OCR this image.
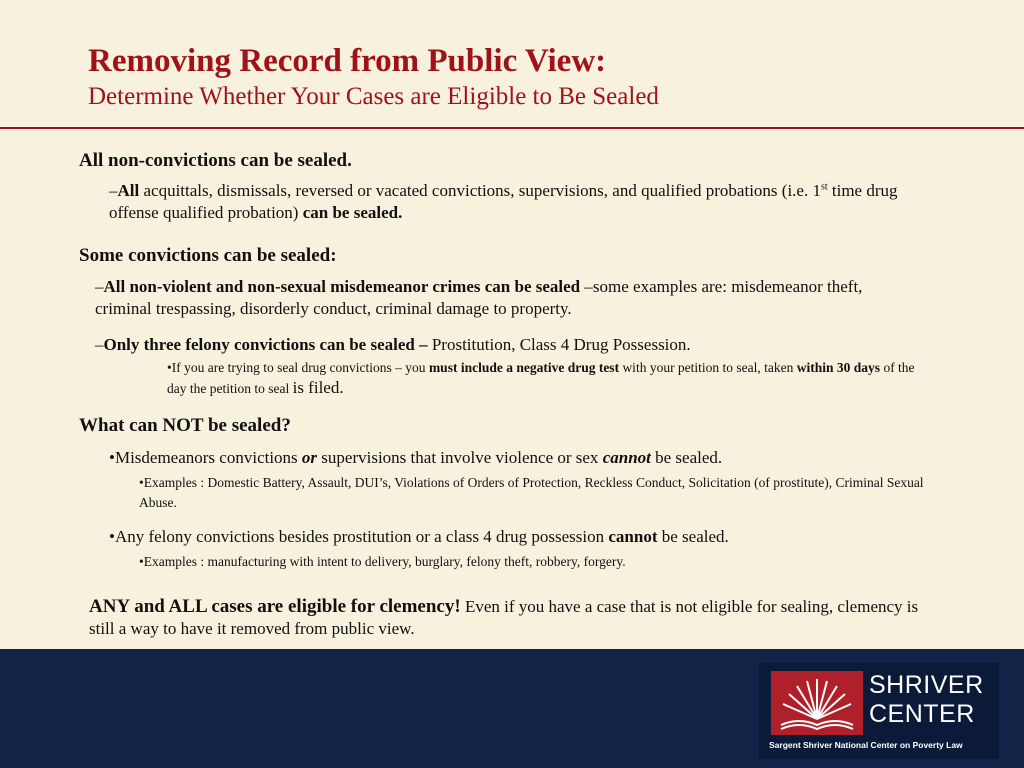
Removing Record from Public View:
Determine Whether Your Cases are Eligible to Be Sealed
All non-convictions can be sealed.
–All acquittals, dismissals, reversed or vacated convictions, supervisions, and qualified probations (i.e. 1st time drug offense qualified probation) can be sealed.
Some convictions can be sealed:
–All non-violent and non-sexual misdemeanor crimes can be sealed –some examples are: misdemeanor theft, criminal trespassing, disorderly conduct, criminal damage to property.
–Only three felony convictions can be sealed – Prostitution, Class 4 Drug Possession.
•If you are trying to seal drug convictions – you must include a negative drug test with your petition to seal, taken within 30 days of the day the petition to seal is filed.
What can NOT be sealed?
•Misdemeanors convictions or supervisions that involve violence or sex cannot be sealed.
•Examples : Domestic Battery, Assault, DUI’s, Violations of Orders of Protection, Reckless Conduct, Solicitation (of prostitute), Criminal Sexual Abuse.
•Any felony convictions besides prostitution or a class 4 drug possession cannot be sealed.
•Examples : manufacturing with intent to delivery, burglary, felony theft, robbery, forgery.
ANY and ALL cases are eligible for clemency! Even if you have a case that is not eligible for sealing, clemency is still a way to have it removed from public view.
SHRIVER
CENTER
Sargent Shriver National Center on Poverty Law
